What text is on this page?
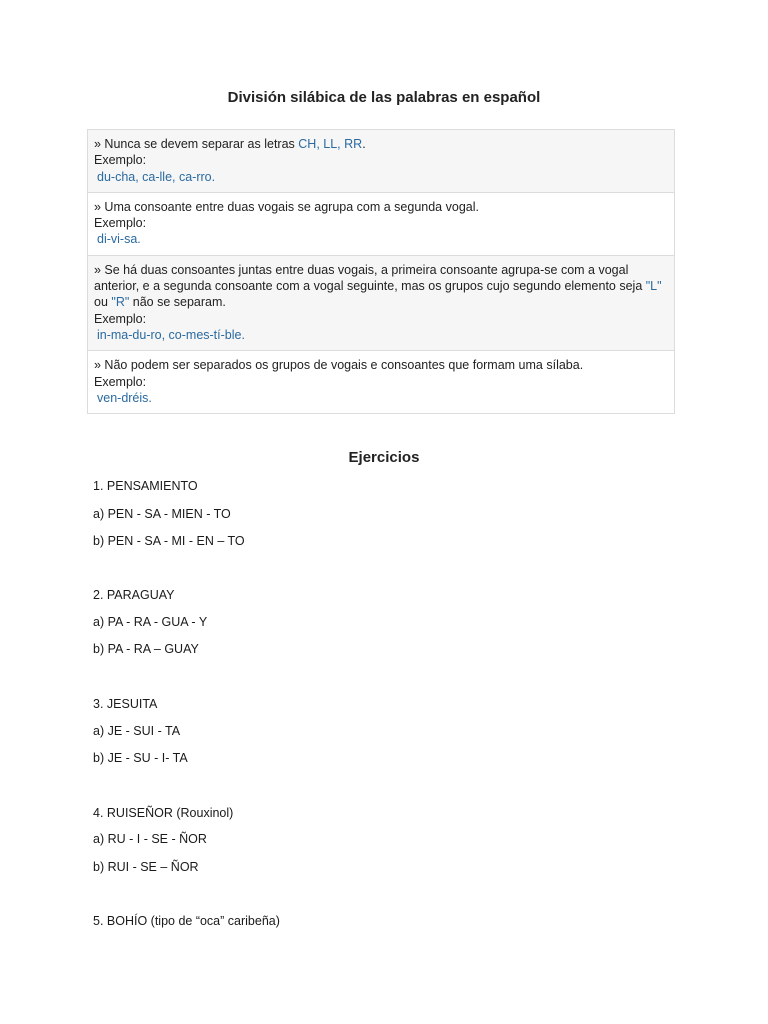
División silábica de las palabras en español
» Nunca se devem separar as letras CH, LL, RR.
Exemplo:
du-cha, ca-lle, ca-rro.
» Uma consoante entre duas vogais se agrupa com a segunda vogal.
Exemplo:
di-vi-sa.
» Se há duas consoantes juntas entre duas vogais, a primeira consoante agrupa-se com a vogal anterior, e a segunda consoante com a vogal seguinte, mas os grupos cujo segundo elemento seja "L" ou "R" não se separam.
Exemplo:
in-ma-du-ro, co-mes-tí-ble.
» Não podem ser separados os grupos de vogais e consoantes que formam uma sílaba.
Exemplo:
ven-dréis.
Ejercicios
1. PENSAMIENTO
a) PEN - SA - MIEN - TO
b) PEN - SA - MI - EN – TO
2. PARAGUAY
a) PA - RA - GUA - Y
b) PA - RA – GUAY
3. JESUITA
a) JE - SUI - TA
b) JE - SU - I- TA
4. RUISEÑOR (Rouxinol)
a) RU - I - SE - ÑOR
b) RUI - SE – ÑOR
5. BOHÍO (tipo de “oca” caribeña)
